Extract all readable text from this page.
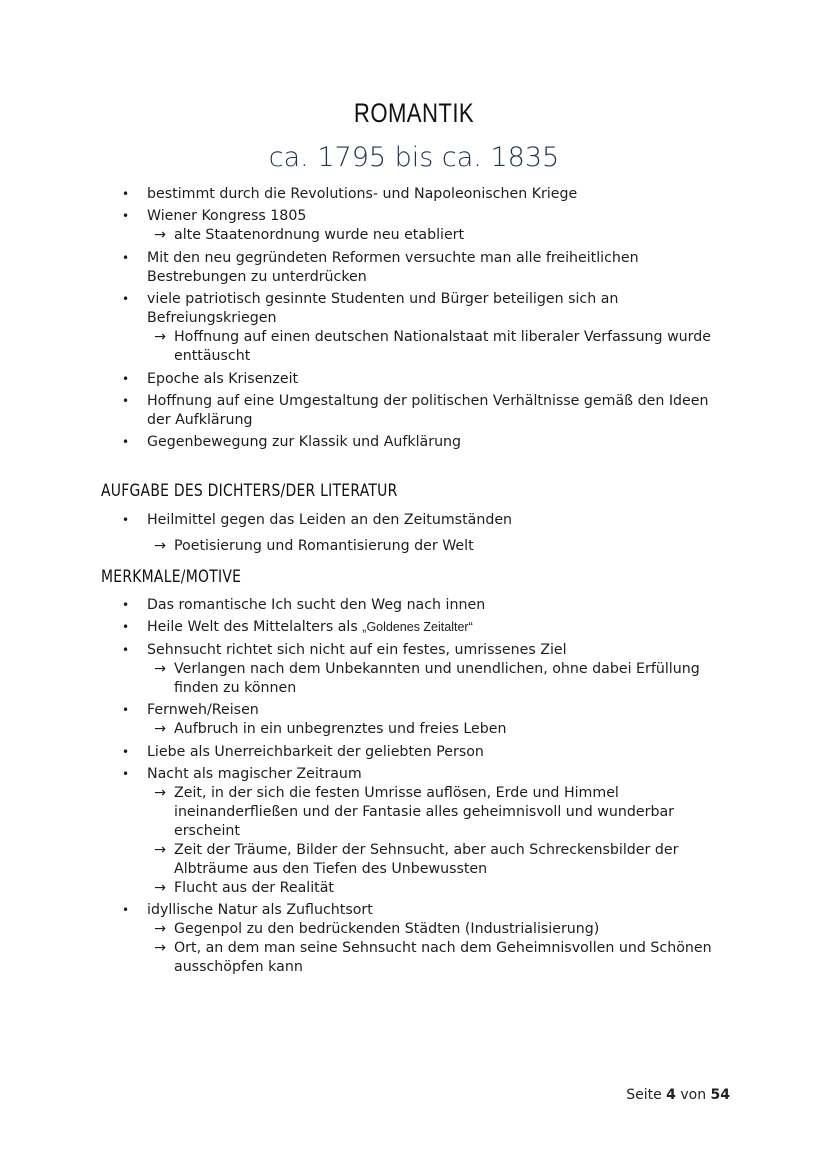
ROMANTIK
ca. 1795 bis ca. 1835
• bestimmt durch die Revolutions- und Napoleonischen Kriege
• Wiener Kongress 1805
→ alte Staatenordnung wurde neu etabliert
• Mit den neu gegründeten Reformen versuchte man alle freiheitlichen Bestrebungen zu unterdrücken
• viele patriotisch gesinnte Studenten und Bürger beteiligen sich an Befreiungskriegen
→ Hoffnung auf einen deutschen Nationalstaat mit liberaler Verfassung wurde enttäuscht
• Epoche als Krisenzeit
• Hoffnung auf eine Umgestaltung der politischen Verhältnisse gemäß den Ideen der Aufklärung
• Gegenbewegung zur Klassik und Aufklärung
AUFGABE DES DICHTERS/DER LITERATUR
• Heilmittel gegen das Leiden an den Zeitumständen
→ Poetisierung und Romantisierung der Welt
MERKMALE/MOTIVE
• Das romantische Ich sucht den Weg nach innen
• Heile Welt des Mittelalters als „Goldenes Zeitalter“
• Sehnsucht richtet sich nicht auf ein festes, umrissenes Ziel
→ Verlangen nach dem Unbekannten und unendlichen, ohne dabei Erfüllung finden zu können
• Fernweh/Reisen
→ Aufbruch in ein unbegrenztes und freies Leben
• Liebe als Unerreichbarkeit der geliebten Person
• Nacht als magischer Zeitraum
→ Zeit, in der sich die festen Umrisse auflösen, Erde und Himmel ineinanderfließen und der Fantasie alles geheimnisvoll und wunderbar erscheint
→ Zeit der Träume, Bilder der Sehnsucht, aber auch Schreckensbilder der Albträume aus den Tiefen des Unbewussten
→ Flucht aus der Realität
• idyllische Natur als Zufluchtsort
→ Gegenpol zu den bedrückenden Städten (Industrialisierung)
→ Ort, an dem man seine Sehnsucht nach dem Geheimnisvollen und Schönen ausschöpfen kann
Seite 4 von 54
